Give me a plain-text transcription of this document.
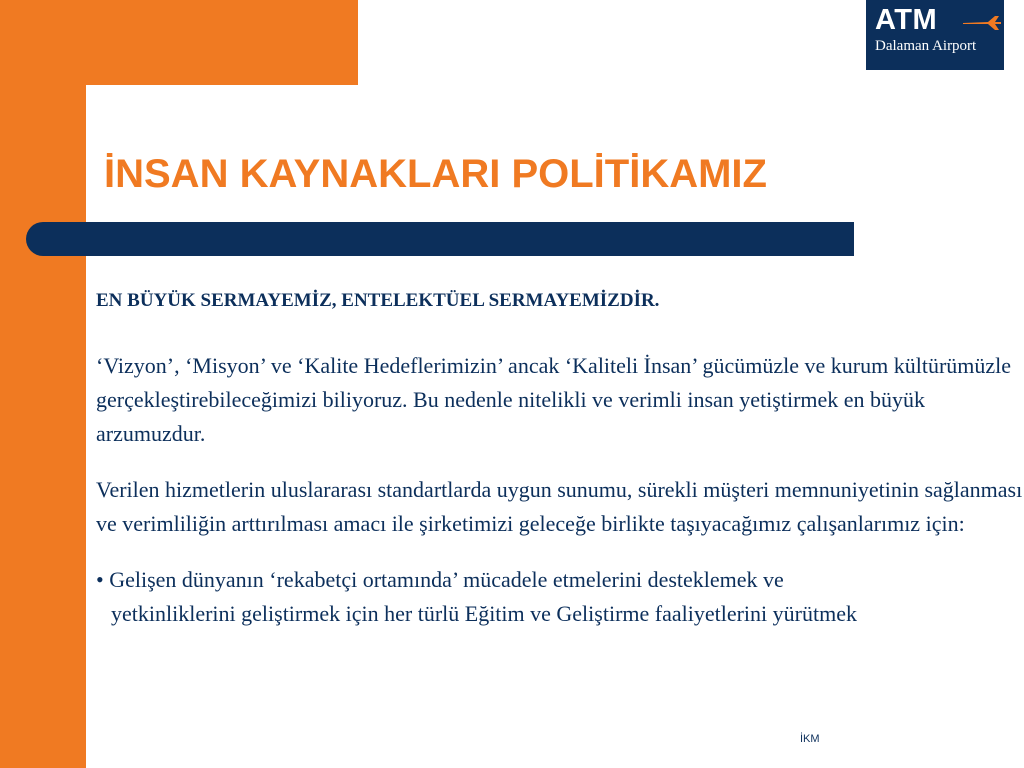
ATM
Dalaman Airport
İNSAN KAYNAKLARI POLİTİKAMIZ

EN BÜYÜK SERMAYEMİZ, ENTELEKTÜEL SERMAYEMİZDİR.

‘Vizyon’, ‘Misyon’ ve ‘Kalite Hedeflerimizin’ ancak ‘Kaliteli İnsan’ gücümüzle ve kurum kültürümüzle gerçekleştirebileceğimizi biliyoruz. Bu nedenle nitelikli ve verimli insan yetiştirmek en büyük arzumuzdur.

Verilen hizmetlerin uluslararası standartlarda uygun sunumu, sürekli müşteri memnuniyetinin sağlanması ve verimliliğin arttırılması amacı ile şirketimizi geleceğe birlikte taşıyacağımız çalışanlarımız için:

• Gelişen dünyanın ‘rekabetçi ortamında’ mücadele etmelerini desteklemek ve
yetkinliklerini geliştirmek için her türlü Eğitim ve Geliştirme faaliyetlerini yürütmek

İKM
